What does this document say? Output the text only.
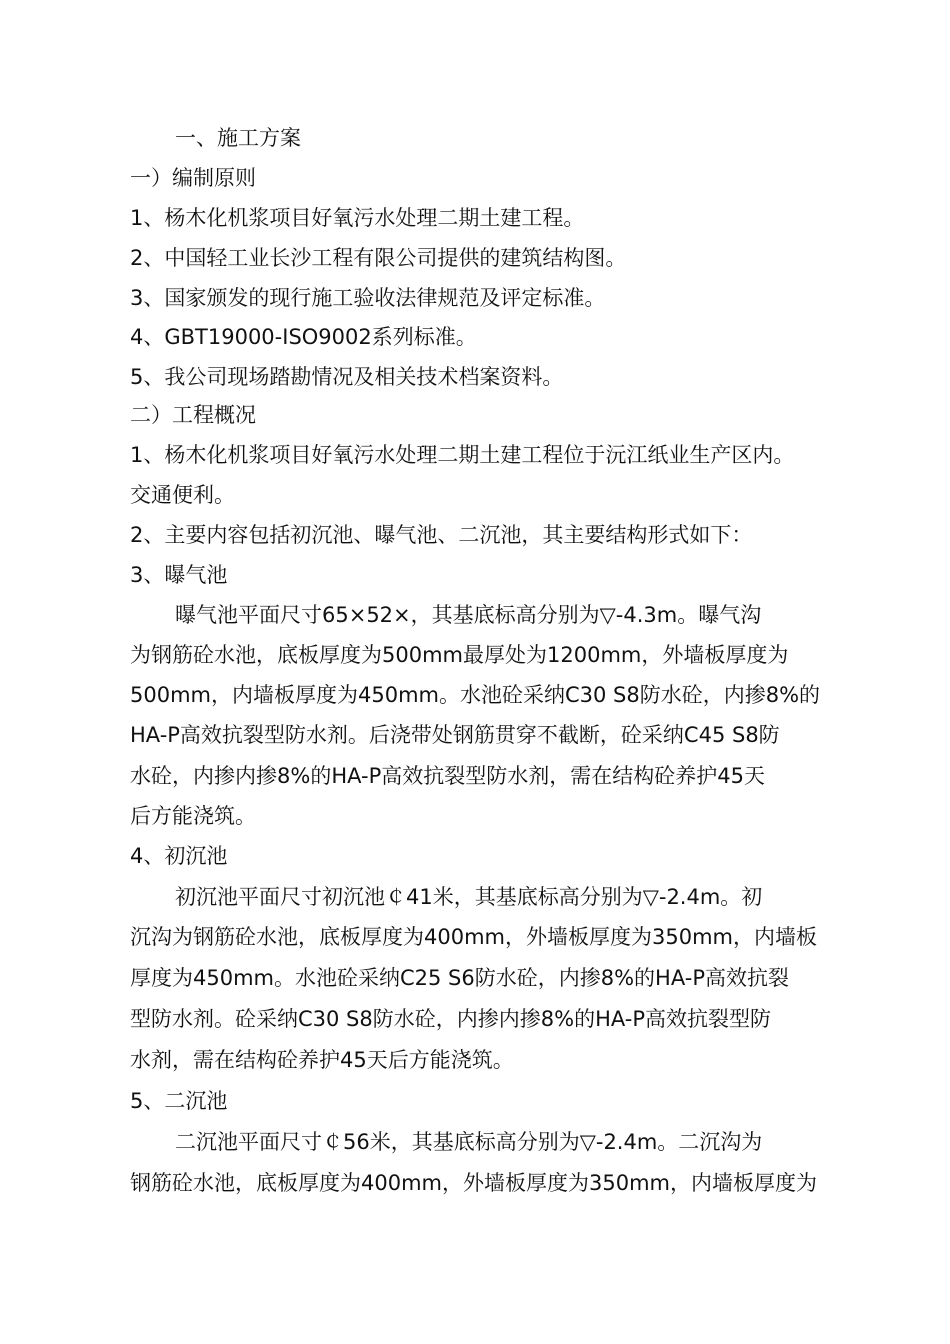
一、施工方案
一）编制原则
1、杨木化机浆项目好氧污水处理二期土建工程。
2、中国轻工业长沙工程有限公司提供的建筑结构图。
3、国家颁发的现行施工验收法律规范及评定标准。
4、GBT19000-ISO9002系列标准。
5、我公司现场踏勘情况及相关技术档案资料。
二）工程概况
1、杨木化机浆项目好氧污水处理二期土建工程位于沅江纸业生产区内。
交通便利。
2、主要内容包括初沉池、曝气池、二沉池，其主要结构形式如下：
3、曝气池
曝气池平面尺寸65×52×，其基底标高分别为▽-4.3m。曝气沟
为钢筋砼水池，底板厚度为500mm最厚处为1200mm，外墙板厚度为
500mm，内墙板厚度为450mm。水池砼采纳C30 S8防水砼，内掺8%的
HA-P高效抗裂型防水剂。后浇带处钢筋贯穿不截断，砼采纳C45 S8防
水砼，内掺内掺8%的HA-P高效抗裂型防水剂，需在结构砼养护45天
后方能浇筑。
4、初沉池
初沉池平面尺寸初沉池￠41米，其基底标高分别为▽-2.4m。初
沉沟为钢筋砼水池，底板厚度为400mm，外墙板厚度为350mm，内墙板
厚度为450mm。水池砼采纳C25 S6防水砼，内掺8%的HA-P高效抗裂
型防水剂。砼采纳C30 S8防水砼，内掺内掺8%的HA-P高效抗裂型防
水剂，需在结构砼养护45天后方能浇筑。
5、二沉池
二沉池平面尺寸￠56米，其基底标高分别为▽-2.4m。二沉沟为
钢筋砼水池，底板厚度为400mm，外墙板厚度为350mm，内墙板厚度为
